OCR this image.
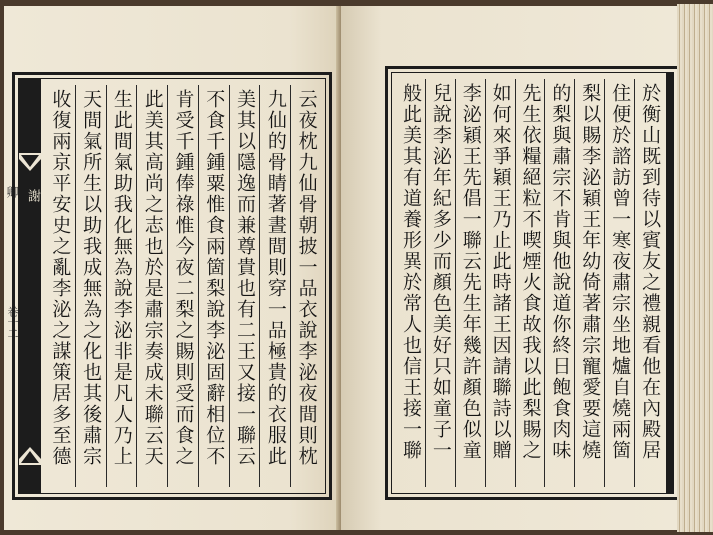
卿
卷十二
謝	云夜枕九仙骨朝披一品衣說李泌夜間則枕
九仙的骨睛著晝間則穿一品極貴的衣服此
美其以隱逸而兼尊貴也有二王又接一聯云
不食千鍾粟惟食兩箇梨說李泌固辭相位不
肯受千鍾俸祿惟今夜二梨之賜則受而食之
此美其高尚之志也於是肅宗奏成未聯云天
生此間氣助我化無為說李泌非是凡人乃上
天間氣所生以助我成無為之化也其後肅宗
收復兩京平安史之亂李泌之謀策居多至德	於衡山既到待以賓友之禮親看他在內殿居
住便於諮訪曾一寒夜肅宗坐地爐自燒兩箇
梨以賜李泌穎王年幼倚著肅宗寵愛要這燒
的梨與肅宗不肯與他說道你終日飽食肉味
先生依糧絕粒不喫煙火食故我以此梨賜之
如何來爭穎王乃止此時諸王因請聯詩以贈
李泌穎王先倡一聯云先生年幾許顏色似童
兒說李泌年紀多少而顏色美好只如童子一
般此美其有道養形異於常人也信王接一聯
